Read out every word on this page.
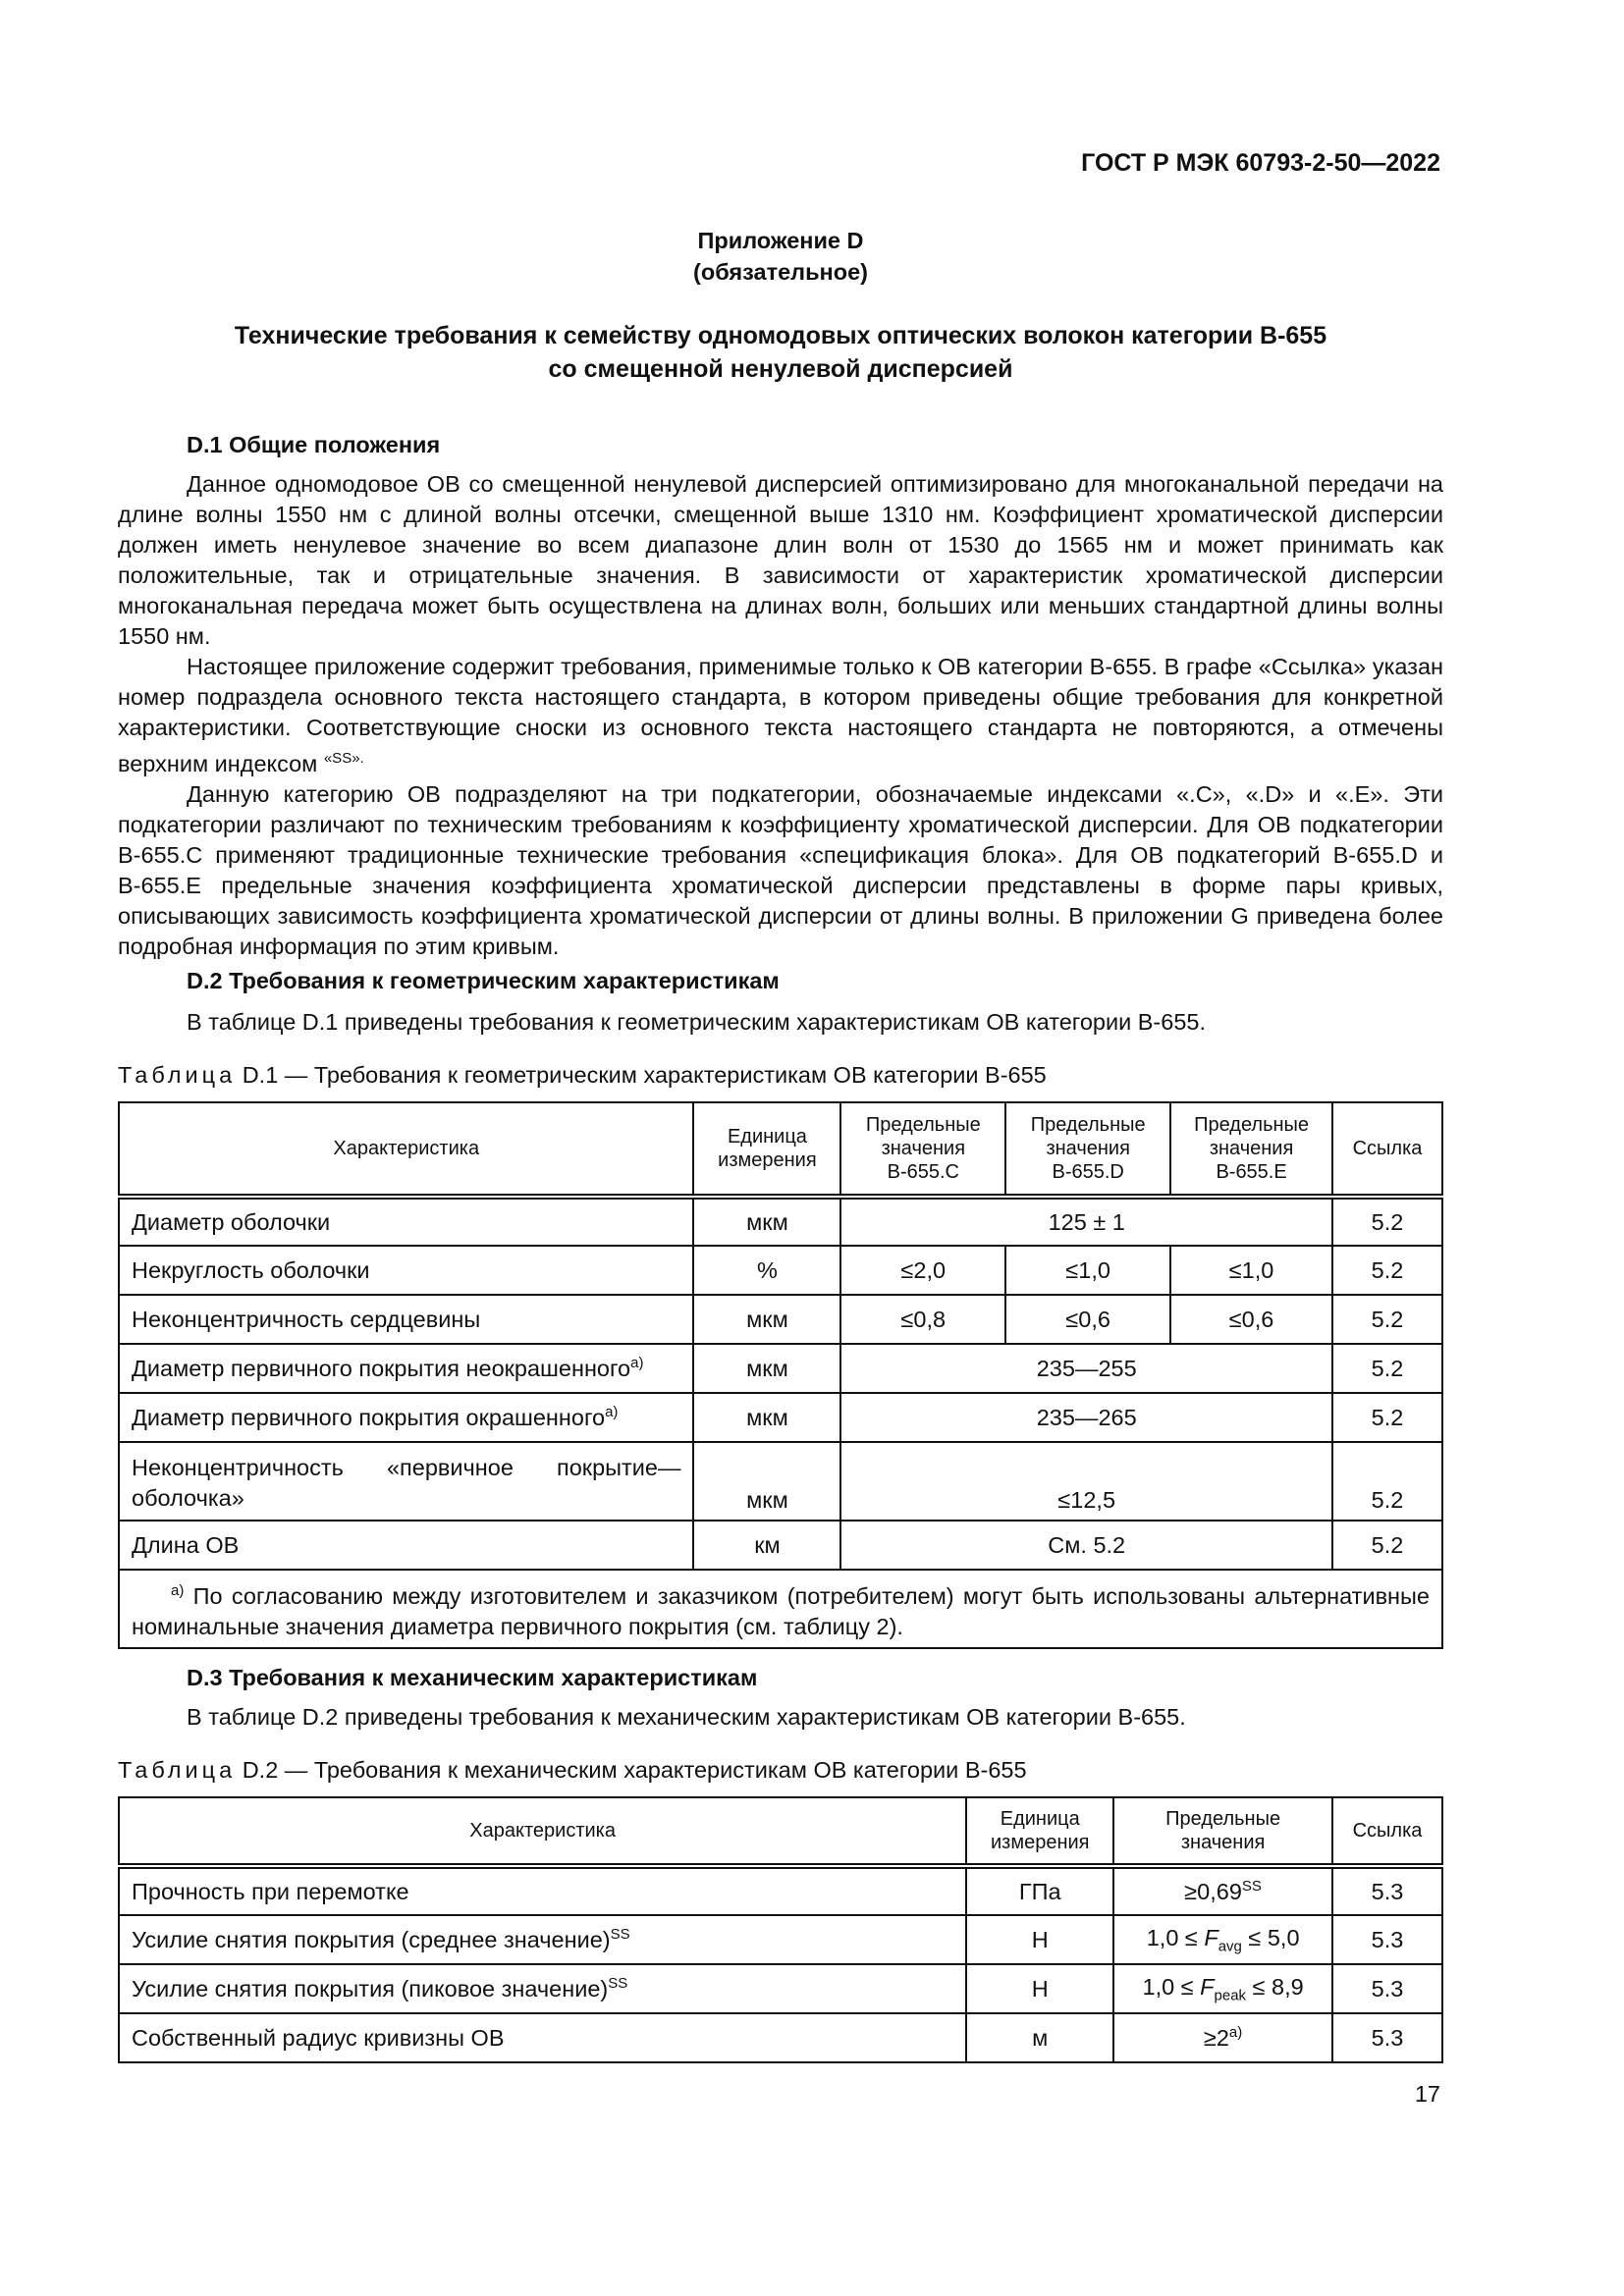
ГОСТ Р МЭК 60793-2-50—2022
Приложение D
(обязательное)
Технические требования к семейству одномодовых оптических волокон категории В-655
со смещенной ненулевой дисперсией
D.1 Общие положения

Данное одномодовое ОВ со смещенной ненулевой дисперсией оптимизировано для многоканальной передачи на длине волны 1550 нм с длиной волны отсечки, смещенной выше 1310 нм. Коэффициент хроматической дисперсии должен иметь ненулевое значение во всем диапазоне длин волн от 1530 до 1565 нм и может принимать как положительные, так и отрицательные значения. В зависимости от характеристик хроматической дисперсии многоканальная передача может быть осуществлена на длинах волн, больших или меньших стандартной длины волны 1550 нм.

Настоящее приложение содержит требования, применимые только к ОВ категории В-655. В графе «Ссылка» указан номер подраздела основного текста настоящего стандарта, в котором приведены общие требования для конкретной характеристики. Соответствующие сноски из основного текста настоящего стандарта не повторяются, а отмечены верхним индексом $^{«SS».}$

Данную категорию ОВ подразделяют на три подкатегории, обозначаемые индексами «.С», «.D» и «.Е». Эти подкатегории различают по техническим требованиям к коэффициенту хроматической дисперсии. Для ОВ подкатегории В-655.С применяют традиционные технические требования «спецификация блока». Для ОВ подкатегорий В-655.D и В-655.Е предельные значения коэффициента хроматической дисперсии представлены в форме пары кривых, описывающих зависимость коэффициента хроматической дисперсии от длины волны. В приложении G приведена более подробная информация по этим кривым.

D.2 Требования к геометрическим характеристикам

В таблице D.1 приведены требования к геометрическим характеристикам ОВ категории В-655.

Таблица D.1 — Требования к геометрическим характеристикам ОВ категории В-655
Характеристика	Единица измерения	Предельные значения В-655.С	Предельные значения В-655.D	Предельные значения В-655.Е	Ссылка
Диаметр оболочки	мкм	125 ± 1			5.2
Некруглость оболочки	%	≤2,0	≤1,0	≤1,0	5.2
Неконцентричность сердцевины	мкм	≤0,8	≤0,6	≤0,6	5.2
Диаметр первичного покрытия неокрашенного$^{а)}$	мкм	235—255			5.2
Диаметр первичного покрытия окрашенного$^{а)}$	мкм	235—265			5.2
Неконцентричность «первичное покрытие—оболочка»	мкм	≤12,5			5.2
Длина ОВ	км	См. 5.2			5.2
$^{а)}$ По согласованию между изготовителем и заказчиком (потребителем) могут быть использованы альтернативные номинальные значения диаметра первичного покрытия (см. таблицу 2).					
D.3 Требования к механическим характеристикам

В таблице D.2 приведены требования к механическим характеристикам ОВ категории В-655.

Таблица D.2 — Требования к механическим характеристикам ОВ категории В-655
Характеристика	Единица измерения	Предельные значения	Ссылка
Прочность при перемотке	ГПа	$\ge 0,69^{SS}$	5.3
Усилие снятия покрытия (среднее значение)$^{SS}$	Н	$1,0 \le F_{avg} \le 5,0$	5.3
Усилие снятия покрытия (пиковое значение)$^{SS}$	Н	$1,0 \le F_{peak} \le 8,9$	5.3
Собственный радиус кривизны ОВ	м	$\ge 2^{а)}$	5.3
17
